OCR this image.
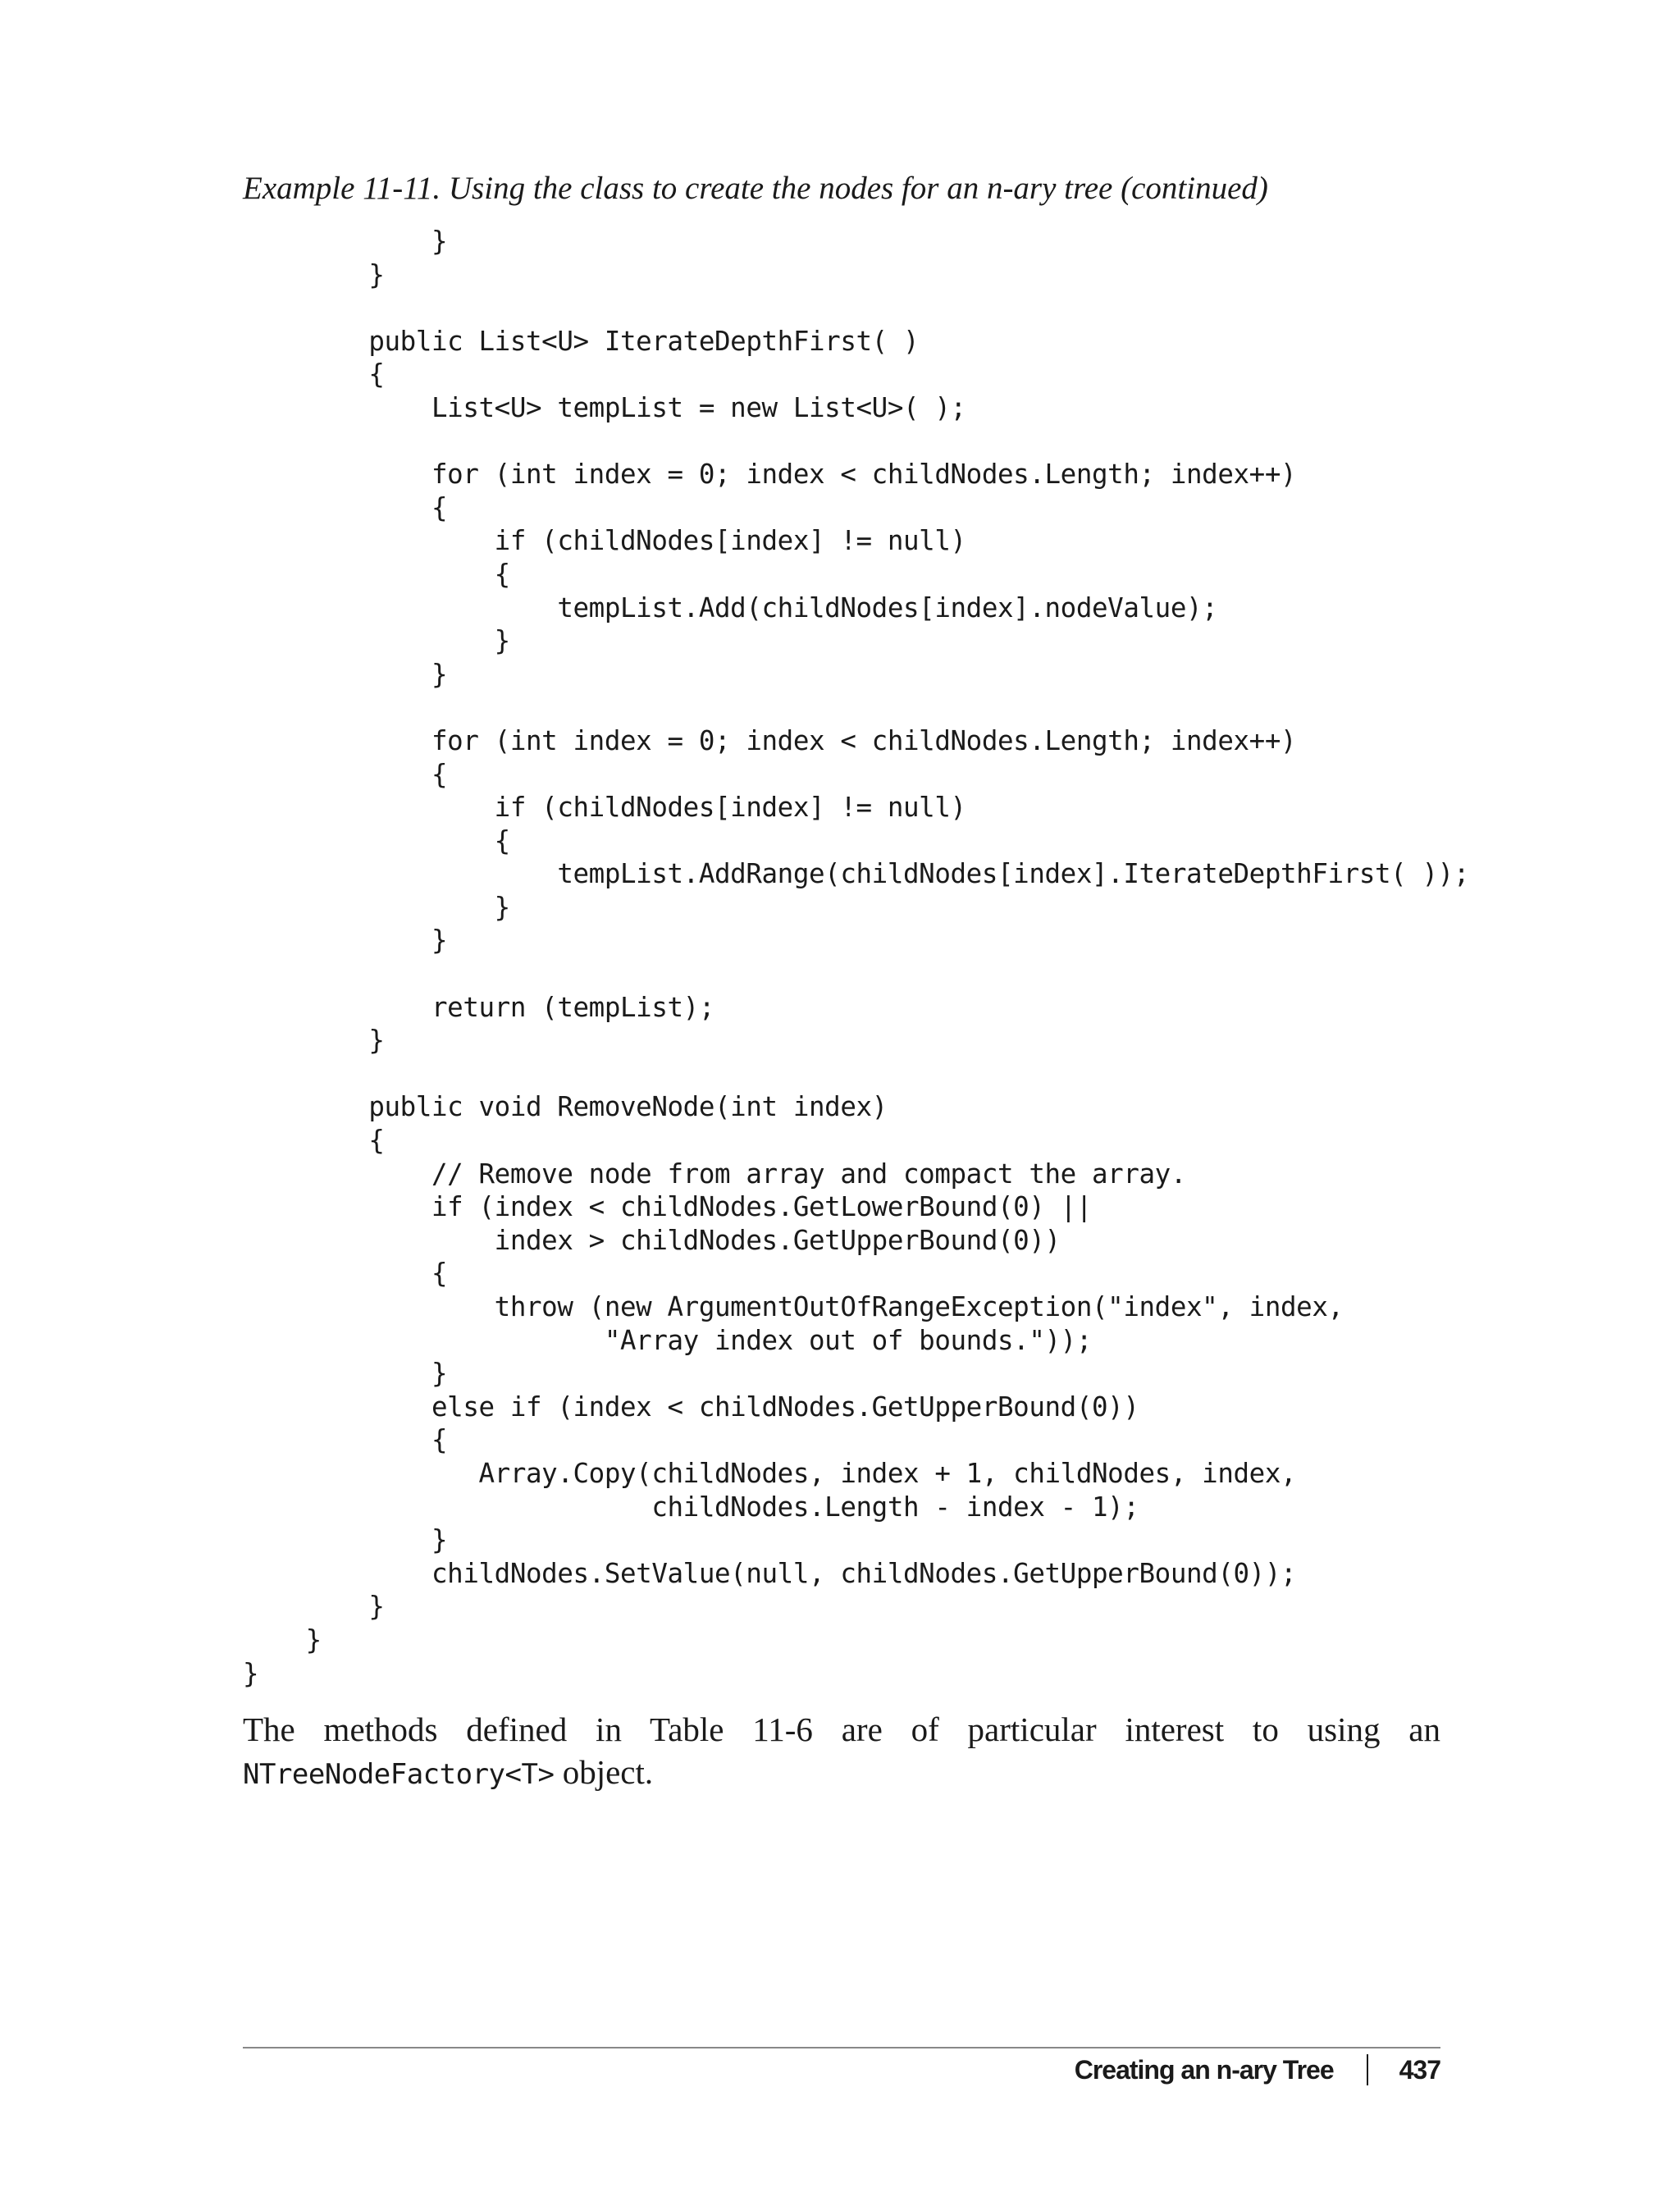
Example 11-11. Using the class to create the nodes for an n-ary tree (continued)

}
}
public List<U> IterateDepthFirst( )
{
List<U> tempList = new List<U>( );
for (int index = 0; index < childNodes.Length; index++)
{
if (childNodes[index] != null)
{
tempList.Add(childNodes[index].nodeValue);
}
}
for (int index = 0; index < childNodes.Length; index++)
{
if (childNodes[index] != null)
{
tempList.AddRange(childNodes[index].IterateDepthFirst( ));
}
}
return (tempList);
}
public void RemoveNode(int index)
{
// Remove node from array and compact the array.
if (index < childNodes.GetLowerBound(0) ||
index > childNodes.GetUpperBound(0))
{
throw (new ArgumentOutOfRangeException("index", index,
"Array index out of bounds."));
}
else if (index < childNodes.GetUpperBound(0))
{
Array.Copy(childNodes, index + 1, childNodes, index,
childNodes.Length - index - 1);
}
childNodes.SetValue(null, childNodes.GetUpperBound(0));
}
}
}

The methods defined in Table 11-6 are of particular interest to using an NTreeNodeFactory<T> object.

Creating an n-ary Tree	437
